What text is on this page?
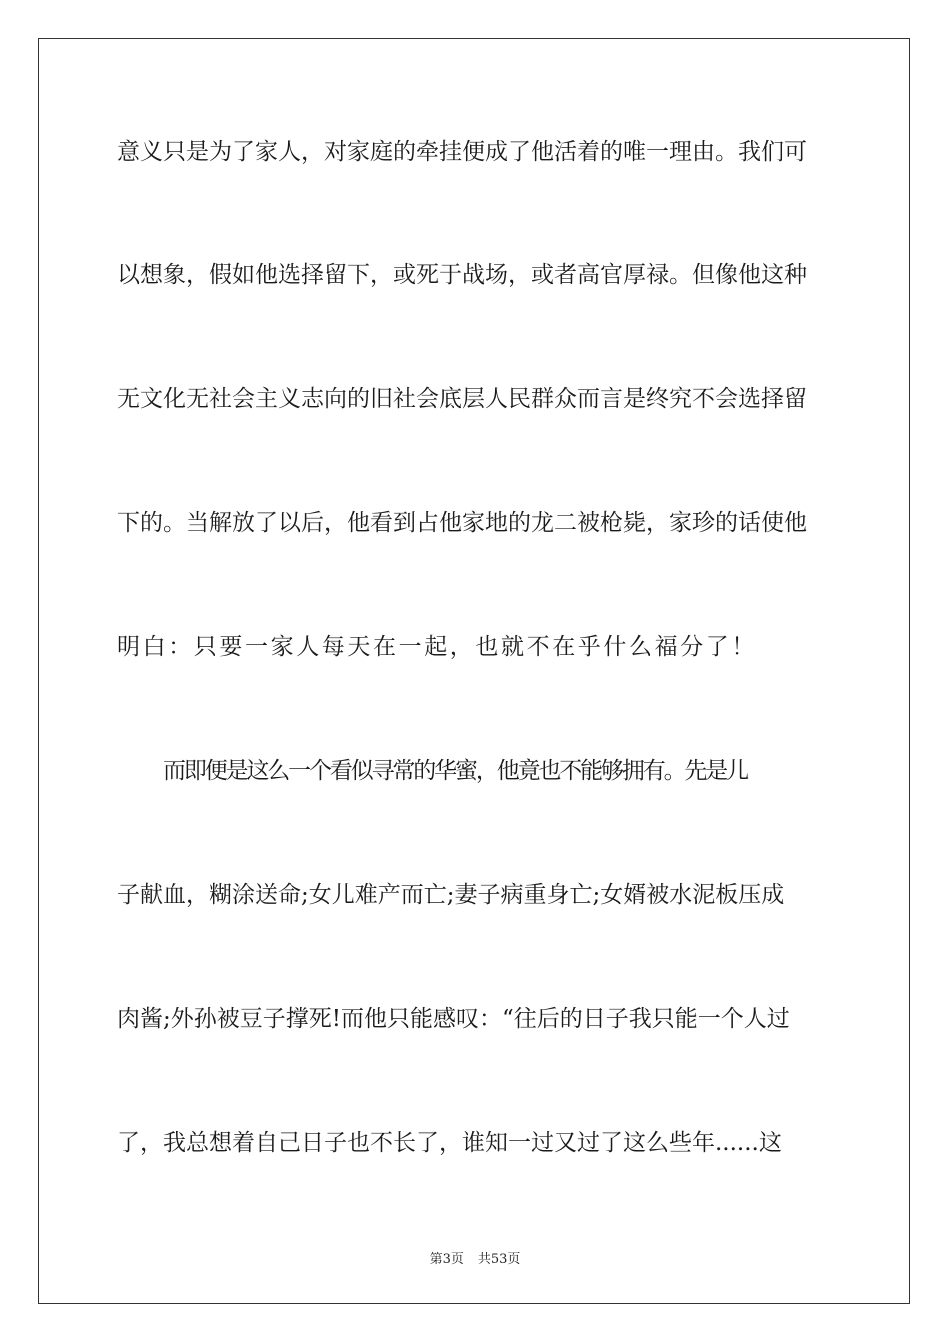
意义只是为了家人，对家庭的牵挂便成了他活着的唯一理由。我们可
以想象，假如他选择留下，或死于战场，或者高官厚禄。但像他这种
无文化无社会主义志向的旧社会底层人民群众而言是终究不会选择留
下的。当解放了以后，他看到占他家地的龙二被枪毙，家珍的话使他
明白：只要一家人每天在一起，也就不在乎什么福分了！
而即便是这么一个看似寻常的华蜜，他竟也不能够拥有。先是儿
子献血，糊涂送命;女儿难产而亡;妻子病重身亡;女婿被水泥板压成
肉酱;外孙被豆子撑死!而他只能感叹：“往后的日子我只能一个人过
了，我总想着自己日子也不长了，谁知一过又过了这么些年......这
第3页 共53页
